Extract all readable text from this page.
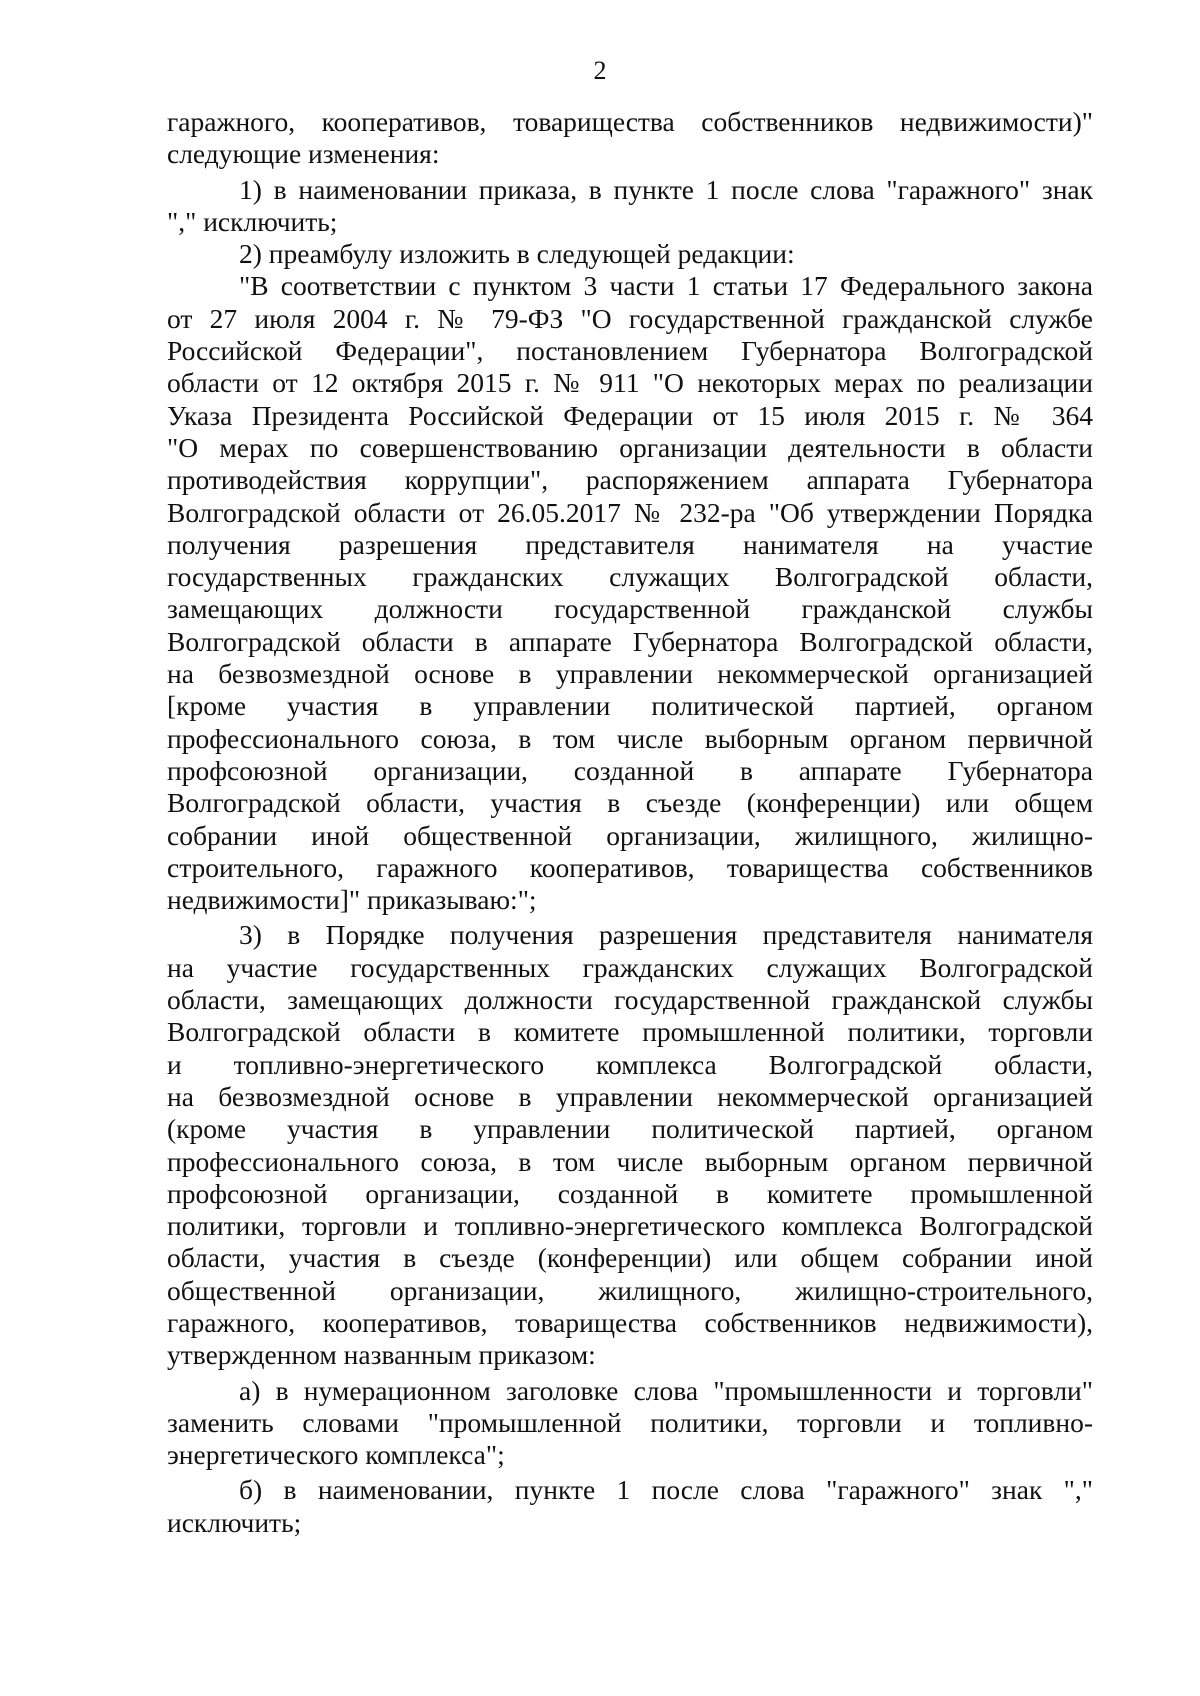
2
гаражного, кооперативов, товарищества собственников недвижимости)"
следующие изменения:
1) в наименовании приказа, в пункте 1 после слова "гаражного" знак
"," исключить;
2) преамбулу изложить в следующей редакции:
"В соответствии с пунктом 3 части 1 статьи 17 Федерального закона
от 27 июля 2004 г. № 79-ФЗ "О государственной гражданской службе
Российской Федерации", постановлением Губернатора Волгоградской
области от 12 октября 2015 г. № 911 "О некоторых мерах по реализации
Указа Президента Российской Федерации от 15 июля 2015 г. № 364
"О мерах по совершенствованию организации деятельности в области
противодействия коррупции", распоряжением аппарата Губернатора
Волгоградской области от 26.05.2017 № 232-ра "Об утверждении Порядка
получения разрешения представителя нанимателя на участие
государственных гражданских служащих Волгоградской области,
замещающих должности государственной гражданской службы
Волгоградской области в аппарате Губернатора Волгоградской области,
на безвозмездной основе в управлении некоммерческой организацией
[кроме участия в управлении политической партией, органом
профессионального союза, в том числе выборным органом первичной
профсоюзной организации, созданной в аппарате Губернатора
Волгоградской области, участия в съезде (конференции) или общем
собрании иной общественной организации, жилищного, жилищно-
строительного, гаражного кооперативов, товарищества собственников
недвижимости]" приказываю:";
3) в Порядке получения разрешения представителя нанимателя
на участие государственных гражданских служащих Волгоградской
области, замещающих должности государственной гражданской службы
Волгоградской области в комитете промышленной политики, торговли
и топливно-энергетического комплекса Волгоградской области,
на безвозмездной основе в управлении некоммерческой организацией
(кроме участия в управлении политической партией, органом
профессионального союза, в том числе выборным органом первичной
профсоюзной организации, созданной в комитете промышленной
политики, торговли и топливно-энергетического комплекса Волгоградской
области, участия в съезде (конференции) или общем собрании иной
общественной организации, жилищного, жилищно-строительного,
гаражного, кооперативов, товарищества собственников недвижимости),
утвержденном названным приказом:
а) в нумерационном заголовке слова "промышленности и торговли"
заменить словами "промышленной политики, торговли и топливно-
энергетического комплекса";
б) в наименовании, пункте 1 после слова "гаражного" знак ","
исключить;
